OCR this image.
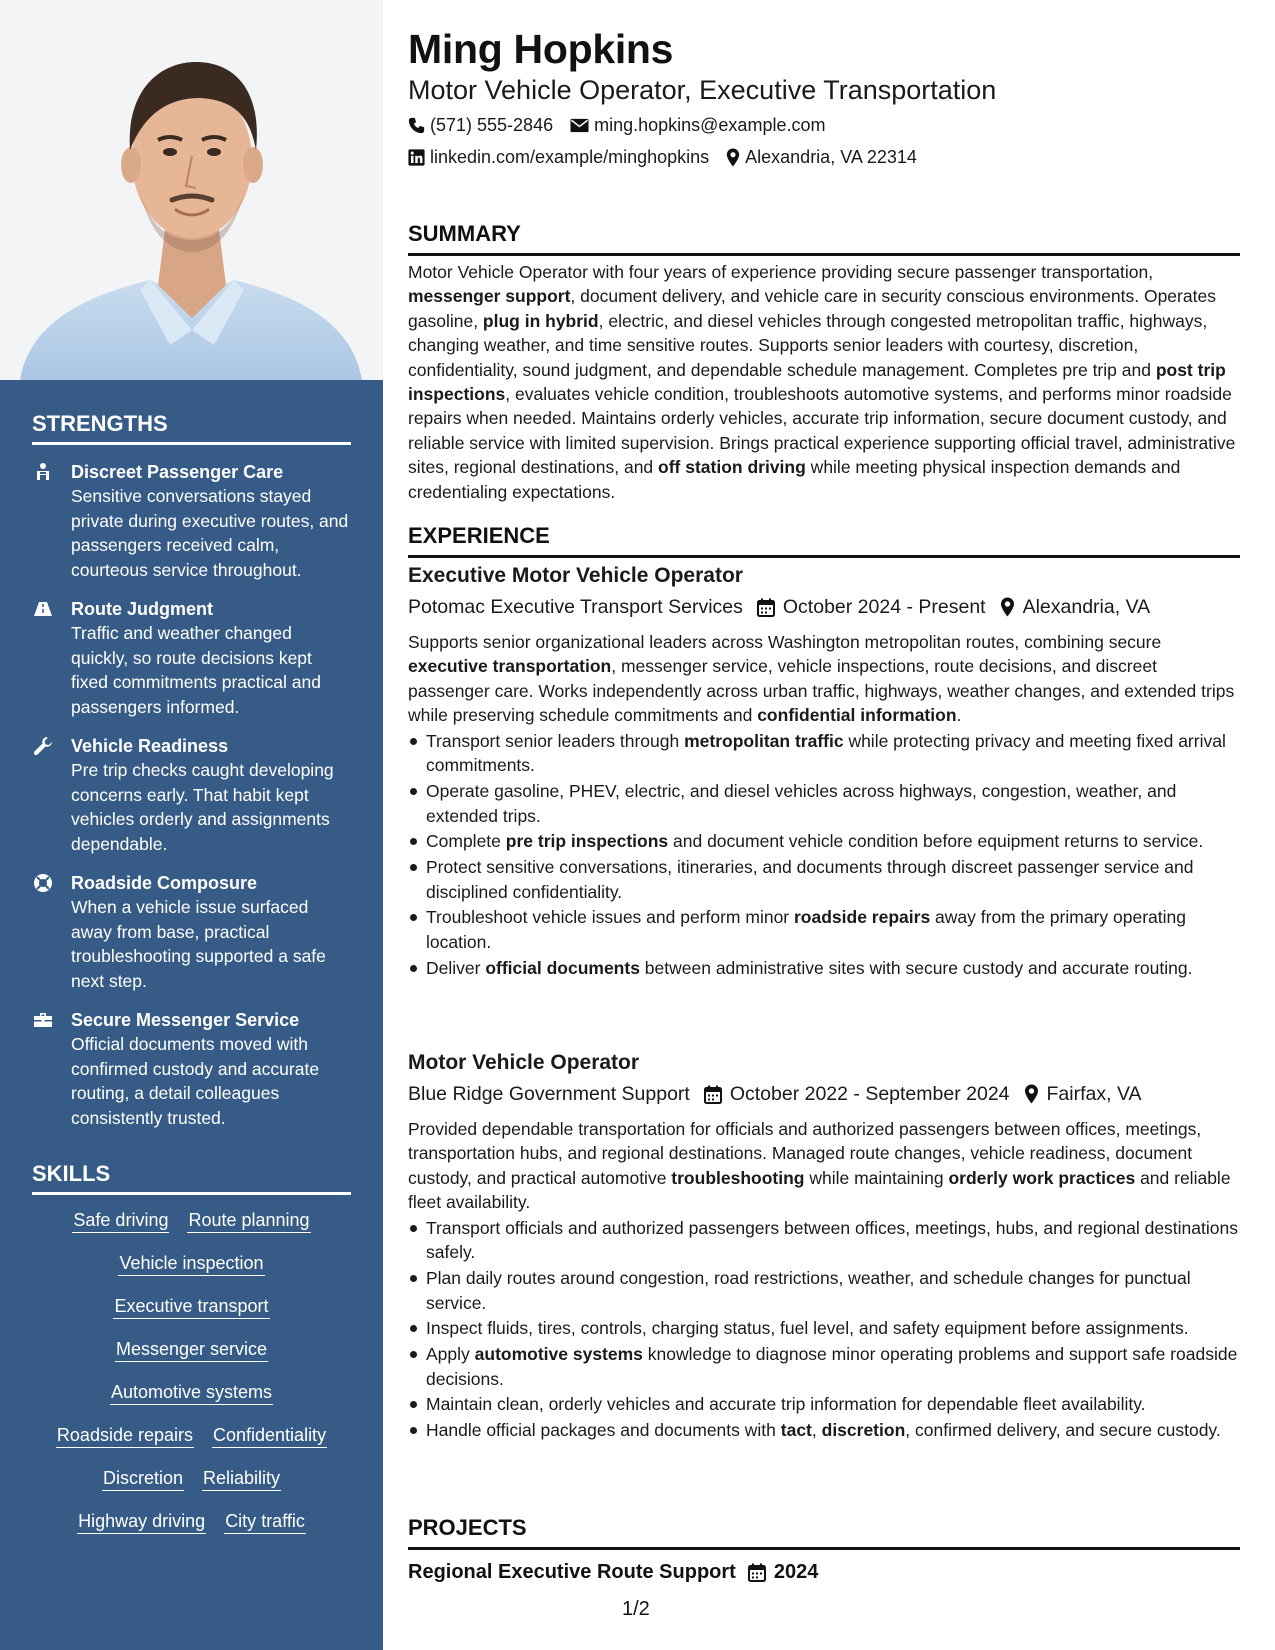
STRENGTHS
Discreet Passenger Care
Sensitive conversations stayed private during executive routes, and passengers received calm, courteous service throughout.
Route Judgment
Traffic and weather changed quickly, so route decisions kept fixed commitments practical and passengers informed.
Vehicle Readiness
Pre trip checks caught developing concerns early. That habit kept vehicles orderly and assignments dependable.
Roadside Composure
When a vehicle issue surfaced away from base, practical troubleshooting supported a safe next step.
Secure Messenger Service
Official documents moved with confirmed custody and accurate routing, a detail colleagues consistently trusted.
SKILLS
Safe driving Route planning
Vehicle inspection
Executive transport
Messenger service
Automotive systems
Roadside repairs Confidentiality
Discretion Reliability
Highway driving City traffic
Ming Hopkins
Motor Vehicle Operator, Executive Transportation
(571) 555-2846 ming.hopkins@example.com
linkedin.com/example/minghopkins Alexandria, VA 22314
SUMMARY
Motor Vehicle Operator with four years of experience providing secure passenger transportation, messenger support, document delivery, and vehicle care in security conscious environments. Operates gasoline, plug in hybrid, electric, and diesel vehicles through congested metropolitan traffic, highways, changing weather, and time sensitive routes. Supports senior leaders with courtesy, discretion, confidentiality, sound judgment, and dependable schedule management. Completes pre trip and post trip inspections, evaluates vehicle condition, troubleshoots automotive systems, and performs minor roadside repairs when needed. Maintains orderly vehicles, accurate trip information, secure document custody, and reliable service with limited supervision. Brings practical experience supporting official travel, administrative sites, regional destinations, and off station driving while meeting physical inspection demands and credentialing expectations.
EXPERIENCE
Executive Motor Vehicle Operator
Potomac Executive Transport Services October 2024 - Present Alexandria, VA
Supports senior organizational leaders across Washington metropolitan routes, combining secure executive transportation, messenger service, vehicle inspections, route decisions, and discreet passenger care. Works independently across urban traffic, highways, weather changes, and extended trips while preserving schedule commitments and confidential information.
Transport senior leaders through metropolitan traffic while protecting privacy and meeting fixed arrival commitments.
Operate gasoline, PHEV, electric, and diesel vehicles across highways, congestion, weather, and extended trips.
Complete pre trip inspections and document vehicle condition before equipment returns to service.
Protect sensitive conversations, itineraries, and documents through discreet passenger service and disciplined confidentiality.
Troubleshoot vehicle issues and perform minor roadside repairs away from the primary operating location.
Deliver official documents between administrative sites with secure custody and accurate routing.
Motor Vehicle Operator
Blue Ridge Government Support October 2022 - September 2024 Fairfax, VA
Provided dependable transportation for officials and authorized passengers between offices, meetings, transportation hubs, and regional destinations. Managed route changes, vehicle readiness, document custody, and practical automotive troubleshooting while maintaining orderly work practices and reliable fleet availability.
Transport officials and authorized passengers between offices, meetings, hubs, and regional destinations safely.
Plan daily routes around congestion, road restrictions, weather, and schedule changes for punctual service.
Inspect fluids, tires, controls, charging status, fuel level, and safety equipment before assignments.
Apply automotive systems knowledge to diagnose minor operating problems and support safe roadside decisions.
Maintain clean, orderly vehicles and accurate trip information for dependable fleet availability.
Handle official packages and documents with tact, discretion, confirmed delivery, and secure custody.
PROJECTS
Regional Executive Route Support 2024
1/2
